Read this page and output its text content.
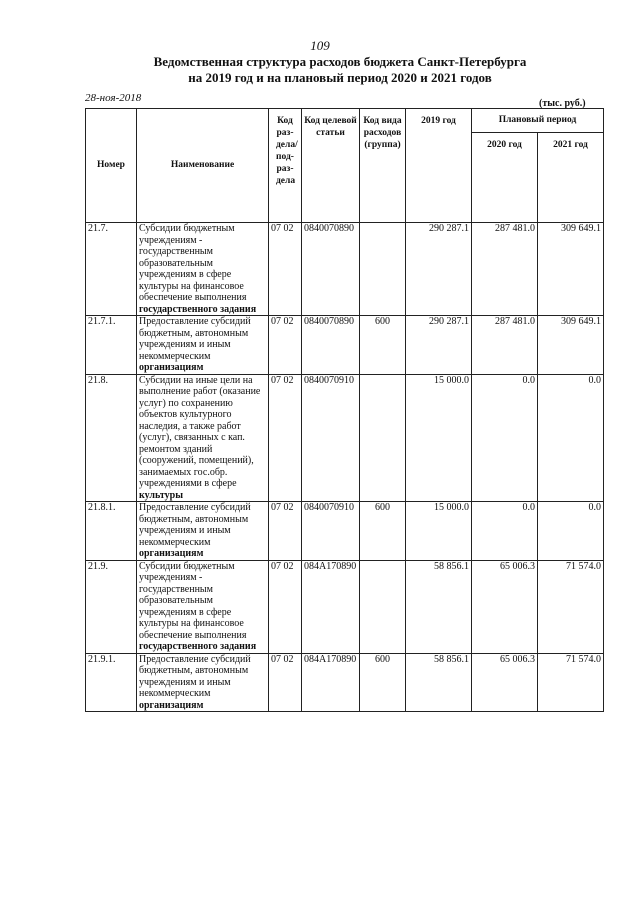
109
Ведомственная структура расходов бюджета Санкт-Петербурга
на 2019 год и на плановый период 2020 и 2021 годов
28-ноя-2018	(тыс. руб.)
Номер	Наименование	Код раз- дела/ под- раз- дела	Код целевой статьи	Код вида расходов (группа)	2019 год	Плановый период	
						2020 год	2021 год
21.7.	Субсидии бюджетным учреждениям - государственным образовательным учреждениям в сфере культуры на финансовое обеспечение выполнения государственного задания	07 02	0840070890		290 287.1	287 481.0	309 649.1
21.7.1.	Предоставление субсидий бюджетным, автономным учреждениям и иным некоммерческим организациям	07 02	0840070890	600	290 287.1	287 481.0	309 649.1
21.8.	Субсидии на иные цели на выполнение работ (оказание услуг) по сохранению объектов культурного наследия, а также работ (услуг), связанных с кап. ремонтом зданий (сооружений, помещений), занимаемых гос.обр. учреждениями в сфере культуры	07 02	0840070910		15 000.0	0.0	0.0
21.8.1.	Предоставление субсидий бюджетным, автономным учреждениям и иным некоммерческим организациям	07 02	0840070910	600	15 000.0	0.0	0.0
21.9.	Субсидии бюджетным учреждениям - государственным образовательным учреждениям в сфере культуры на финансовое обеспечение выполнения государственного задания	07 02	084А170890		58 856.1	65 006.3	71 574.0
21.9.1.	Предоставление субсидий бюджетным, автономным учреждениям и иным некоммерческим организациям	07 02	084А170890	600	58 856.1	65 006.3	71 574.0
